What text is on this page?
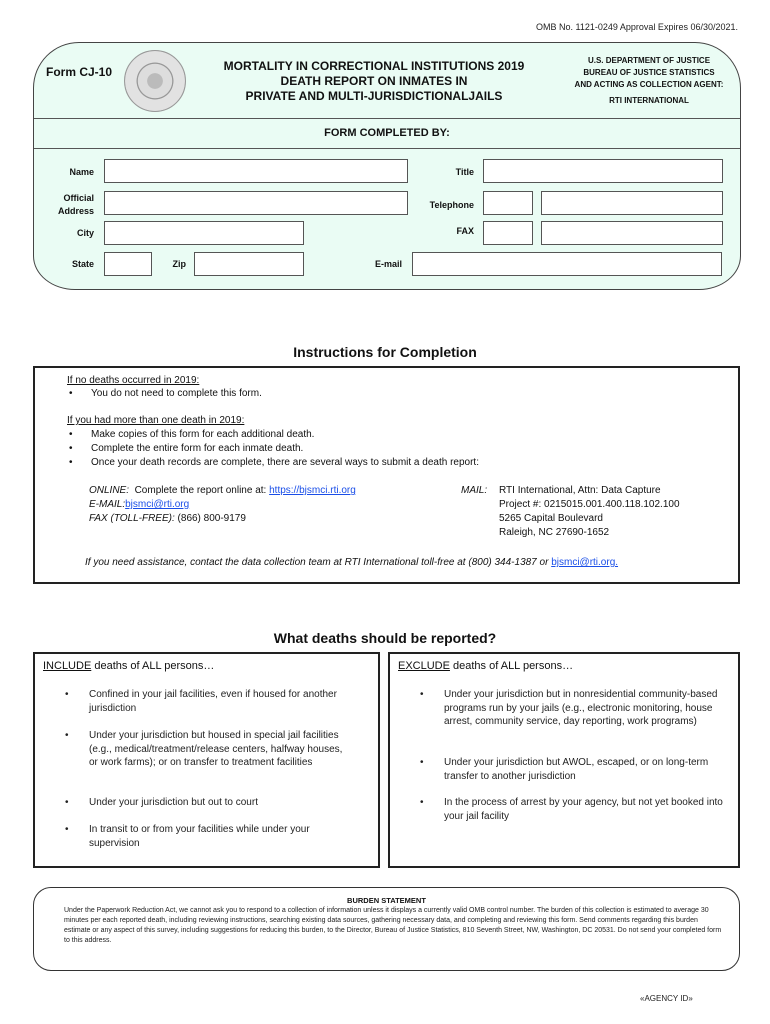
OMB No. 1121-0249 Approval Expires 06/30/2021.
Form CJ-10	MORTALITY IN CORRECTIONAL INSTITUTIONS 2019
DEATH REPORT ON INMATES IN
PRIVATE AND MULTI-JURISDICTIONALJAILS
U.S. DEPARTMENT OF JUSTICE
BUREAU OF JUSTICE STATISTICS
AND ACTING AS COLLECTION AGENT:
RTI INTERNATIONAL
FORM COMPLETED BY:
Name
Official
Address
City
State	Zip	E-mail
Title
Telephone
FAX
Instructions for Completion
If no deaths occurred in 2019:
• You do not need to complete this form.
If you had more than one death in 2019:
• Make copies of this form for each additional death.
• Complete the entire form for each inmate death.
• Once your death records are complete, there are several ways to submit a death report:
ONLINE: Complete the report online at: https://bjsmci.rti.org
E-MAIL:bjsmci@rti.org
FAX (TOLL-FREE): (866) 800-9179
MAIL: RTI International, Attn: Data Capture
Project #: 0215015.001.400.118.102.100
5265 Capital Boulevard
Raleigh, NC 27690-1652
If you need assistance, contact the data collection team at RTI International toll-free at (800) 344-1387 or bjsmci@rti.org.
What deaths should be reported?
INCLUDE deaths of ALL persons…
• Confined in your jail facilities, even if housed for another jurisdiction
• Under your jurisdiction but housed in special jail facilities (e.g., medical/treatment/release centers, halfway houses, or work farms); or on transfer to treatment facilities
• Under your jurisdiction but out to court
• In transit to or from your facilities while under your supervision
EXCLUDE deaths of ALL persons…
• Under your jurisdiction but in nonresidential community-based programs run by your jails (e.g., electronic monitoring, house arrest, community service, day reporting, work programs)
• Under your jurisdiction but AWOL, escaped, or on long-term transfer to another jurisdiction
• In the process of arrest by your agency, but not yet booked into your jail facility
BURDEN STATEMENT
Under the Paperwork Reduction Act, we cannot ask you to respond to a collection of information unless it displays a currently valid OMB control number. The burden of this collection is estimated to average 30 minutes per each reported death, including reviewing instructions, searching existing data sources, gathering necessary data, and completing and reviewing this form. Send comments regarding this burden estimate or any aspect of this survey, including suggestions for reducing this burden, to the Director, Bureau of Justice Statistics, 810 Seventh Street, NW, Washington, DC 20531. Do not send your completed form to this address.
«AGENCY ID»
